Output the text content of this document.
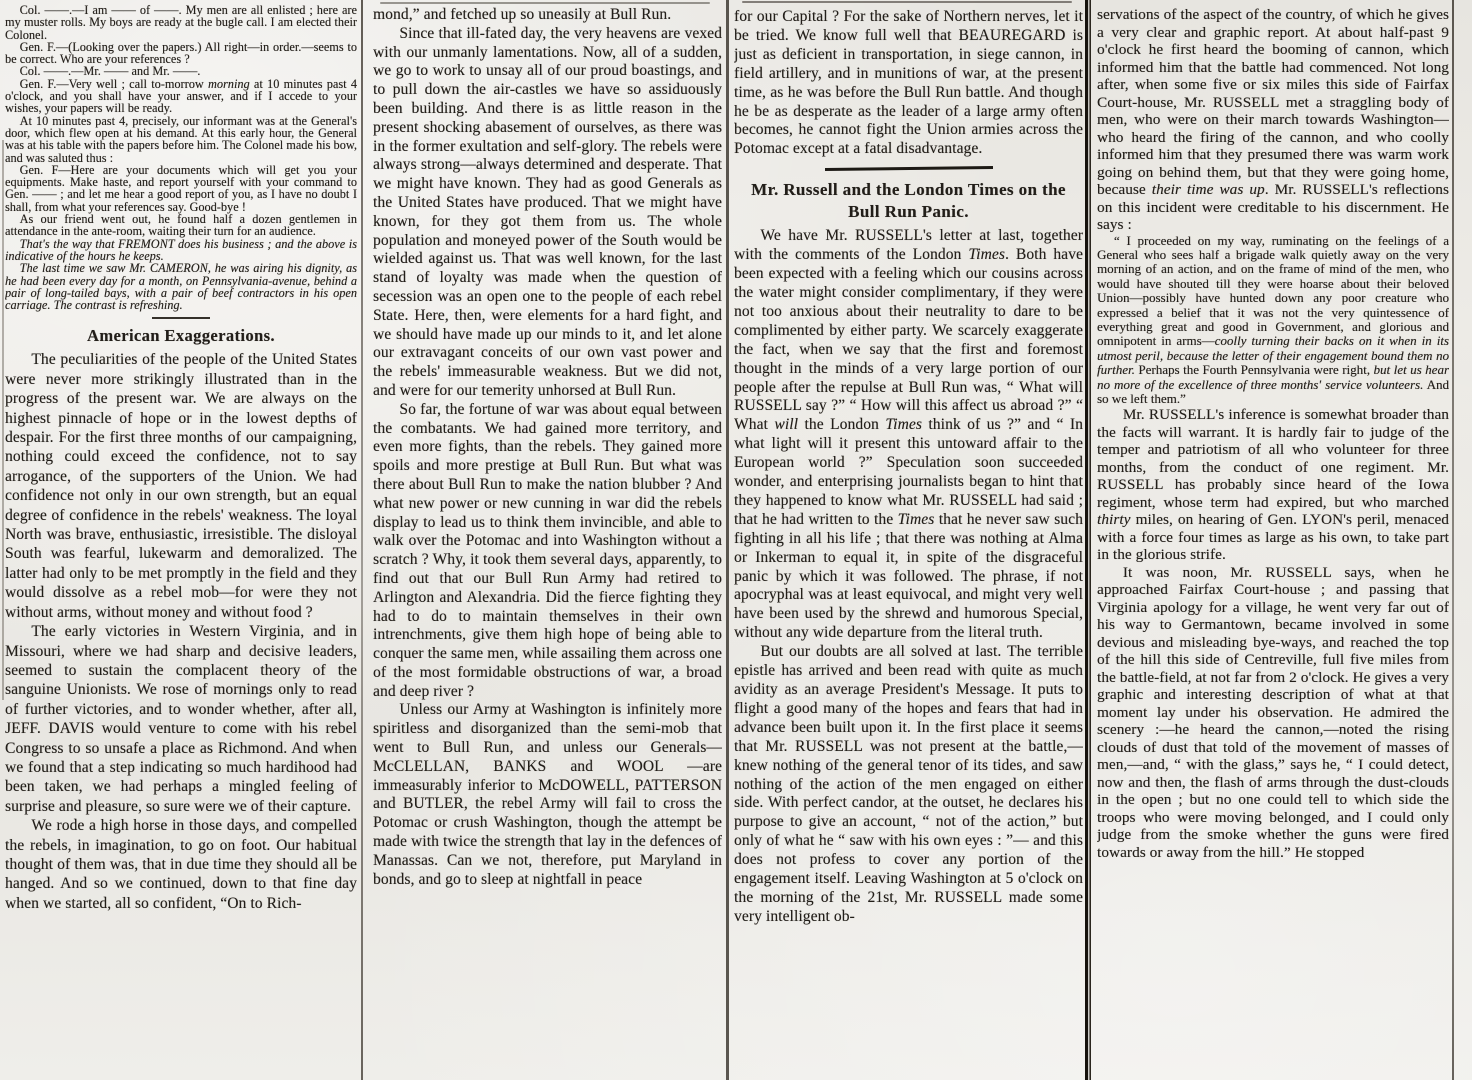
Col. ——.—I am —— of ——. My men are all enlisted ; here are my muster rolls. My boys are ready at the bugle call. I am elected their Colonel.

Gen. F.—(Looking over the papers.) All right—in order.—seems to be correct. Who are your references ?

Col. ——.—Mr. —— and Mr. ——.

Gen. F.—Very well ; call to-morrow morning at 10 minutes past 4 o'clock, and you shall have your answer, and if I accede to your wishes, your papers will be ready.

At 10 minutes past 4, precisely, our informant was at the General's door, which flew open at his demand. At this early hour, the General was at his table with the papers before him. The Colonel made his bow, and was saluted thus :

Gen. F—Here are your documents which will get you your equipments. Make haste, and report yourself with your command to Gen. —— ; and let me hear a good report of you, as I have no doubt I shall, from what your references say. Good-bye !

As our friend went out, he found half a dozen gentlemen in attendance in the ante-room, waiting their turn for an audience.

That's the way that FREMONT does his business ; and the above is indicative of the hours he keeps.

The last time we saw Mr. CAMERON, he was airing his dignity, as he had been every day for a month, on Pennsylvania-avenue, behind a pair of long-tailed bays, with a pair of beef contractors in his open carriage. The contrast is refreshing.

American Exaggerations.

The peculiarities of the people of the United States were never more strikingly illustrated than in the progress of the present war. We are always on the highest pinnacle of hope or in the lowest depths of despair. For the first three months of our campaigning, nothing could exceed the confidence, not to say arrogance, of the supporters of the Union. We had confidence not only in our own strength, but an equal degree of confidence in the rebels' weakness. The loyal North was brave, enthusiastic, irresistible. The disloyal South was fearful, lukewarm and demoralized. The latter had only to be met promptly in the field and they would dissolve as a rebel mob—for were they not without arms, without money and without food ?

The early victories in Western Virginia, and in Missouri, where we had sharp and decisive leaders, seemed to sustain the complacent theory of the sanguine Unionists. We rose of mornings only to read of further victories, and to wonder whether, after all, JEFF. DAVIS would venture to come with his rebel Congress to so unsafe a place as Richmond. And when we found that a step indicating so much hardihood had been taken, we had perhaps a mingled feeling of surprise and pleasure, so sure were we of their capture.

We rode a high horse in those days, and compelled the rebels, in imagination, to go on foot. Our habitual thought of them was, that in due time they should all be hanged. And so we continued, down to that fine day when we started, all so confident, “On to Rich-

mond,” and fetched up so uneasily at Bull Run.

Since that ill-fated day, the very heavens are vexed with our unmanly lamentations. Now, all of a sudden, we go to work to unsay all of our proud boastings, and to pull down the air-castles we have so assiduously been building. And there is as little reason in the present shocking abasement of ourselves, as there was in the former exultation and self-glory. The rebels were always strong—always determined and desperate. That we might have known. They had as good Generals as the United States have produced. That we might have known, for they got them from us. The whole population and moneyed power of the South would be wielded against us. That was well known, for the last stand of loyalty was made when the question of secession was an open one to the people of each rebel State. Here, then, were elements for a hard fight, and we should have made up our minds to it, and let alone our extravagant conceits of our own vast power and the rebels' immeasurable weakness. But we did not, and were for our temerity unhorsed at Bull Run.

So far, the fortune of war was about equal between the combatants. We had gained more territory, and even more fights, than the rebels. They gained more spoils and more prestige at Bull Run. But what was there about Bull Run to make the nation blubber ? And what new power or new cunning in war did the rebels display to lead us to think them invincible, and able to walk over the Potomac and into Washington without a scratch ? Why, it took them several days, apparently, to find out that our Bull Run Army had retired to Arlington and Alexandria. Did the fierce fighting they had to do to maintain themselves in their own intrenchments, give them high hope of being able to conquer the same men, while assailing them across one of the most formidable obstructions of war, a broad and deep river ?

Unless our Army at Washington is infinitely more spiritless and disorganized than the semi-mob that went to Bull Run, and unless our Generals—McCLELLAN, BANKS and WOOL —are immeasurably inferior to McDOWELL, PATTERSON and BUTLER, the rebel Army will fail to cross the Potomac or crush Washington, though the attempt be made with twice the strength that lay in the defences of Manassas. Can we not, therefore, put Maryland in bonds, and go to sleep at nightfall in peace

for our Capital ? For the sake of Northern nerves, let it be tried. We know full well that BEAUREGARD is just as deficient in transportation, in siege cannon, in field artillery, and in munitions of war, at the present time, as he was before the Bull Run battle. And though he be as desperate as the leader of a large army often becomes, he cannot fight the Union armies across the Potomac except at a fatal disadvantage.

Mr. Russell and the London Times on the Bull Run Panic.

We have Mr. RUSSELL's letter at last, together with the comments of the London Times. Both have been expected with a feeling which our cousins across the water might consider complimentary, if they were not too anxious about their neutrality to dare to be complimented by either party. We scarcely exaggerate the fact, when we say that the first and foremost thought in the minds of a very large portion of our people after the repulse at Bull Run was, “ What will RUSSELL say ?” “ How will this affect us abroad ?” “ What will the London Times think of us ?” and “ In what light will it present this untoward affair to the European world ?” Speculation soon succeeded wonder, and enterprising journalists began to hint that they happened to know what Mr. RUSSELL had said ; that he had written to the Times that he never saw such fighting in all his life ; that there was nothing at Alma or Inkerman to equal it, in spite of the disgraceful panic by which it was followed. The phrase, if not apocryphal was at least equivocal, and might very well have been used by the shrewd and humorous Special, without any wide departure from the literal truth.

But our doubts are all solved at last. The terrible epistle has arrived and been read with quite as much avidity as an average President's Message. It puts to flight a good many of the hopes and fears that had in advance been built upon it. In the first place it seems that Mr. RUSSELL was not present at the battle,—knew nothing of the general tenor of its tides, and saw nothing of the action of the men engaged on either side. With perfect candor, at the outset, he declares his purpose to give an account, “ not of the action,” but only of what he “ saw with his own eyes : ”— and this does not profess to cover any portion of the engagement itself. Leaving Washington at 5 o'clock on the morning of the 21st, Mr. RUSSELL made some very intelligent ob-

servations of the aspect of the country, of which he gives a very clear and graphic report. At about half-past 9 o'clock he first heard the booming of cannon, which informed him that the battle had commenced. Not long after, when some five or six miles this side of Fairfax Court-house, Mr. RUSSELL met a straggling body of men, who were on their march towards Washington—who heard the firing of the cannon, and who coolly informed him that they presumed there was warm work going on behind them, but that they were going home, because their time was up. Mr. RUSSELL's reflections on this incident were creditable to his discernment. He says :

“ I proceeded on my way, ruminating on the feelings of a General who sees half a brigade walk quietly away on the very morning of an action, and on the frame of mind of the men, who would have shouted till they were hoarse about their beloved Union—possibly have hunted down any poor creature who expressed a belief that it was not the very quintessence of everything great and good in Government, and glorious and omnipotent in arms—coolly turning their backs on it when in its utmost peril, because the letter of their engagement bound them no further. Perhaps the Fourth Pennsylvania were right, but let us hear no more of the excellence of three months' service volunteers. And so we left them.”

Mr. RUSSELL's inference is somewhat broader than the facts will warrant. It is hardly fair to judge of the temper and patriotism of all who volunteer for three months, from the conduct of one regiment. Mr. RUSSELL has probably since heard of the Iowa regiment, whose term had expired, but who marched thirty miles, on hearing of Gen. LYON's peril, menaced with a force four times as large as his own, to take part in the glorious strife.

It was noon, Mr. RUSSELL says, when he approached Fairfax Court-house ; and passing that Virginia apology for a village, he went very far out of his way to Germantown, became involved in some devious and misleading bye-ways, and reached the top of the hill this side of Centreville, full five miles from the battle-field, at not far from 2 o'clock. He gives a very graphic and interesting description of what at that moment lay under his observation. He admired the scenery :—he heard the cannon,—noted the rising clouds of dust that told of the movement of masses of men,—and, “ with the glass,” says he, “ I could detect, now and then, the flash of arms through the dust-clouds in the open ; but no one could tell to which side the troops who were moving belonged, and I could only judge from the smoke whether the guns were fired towards or away from the hill.” He stopped
